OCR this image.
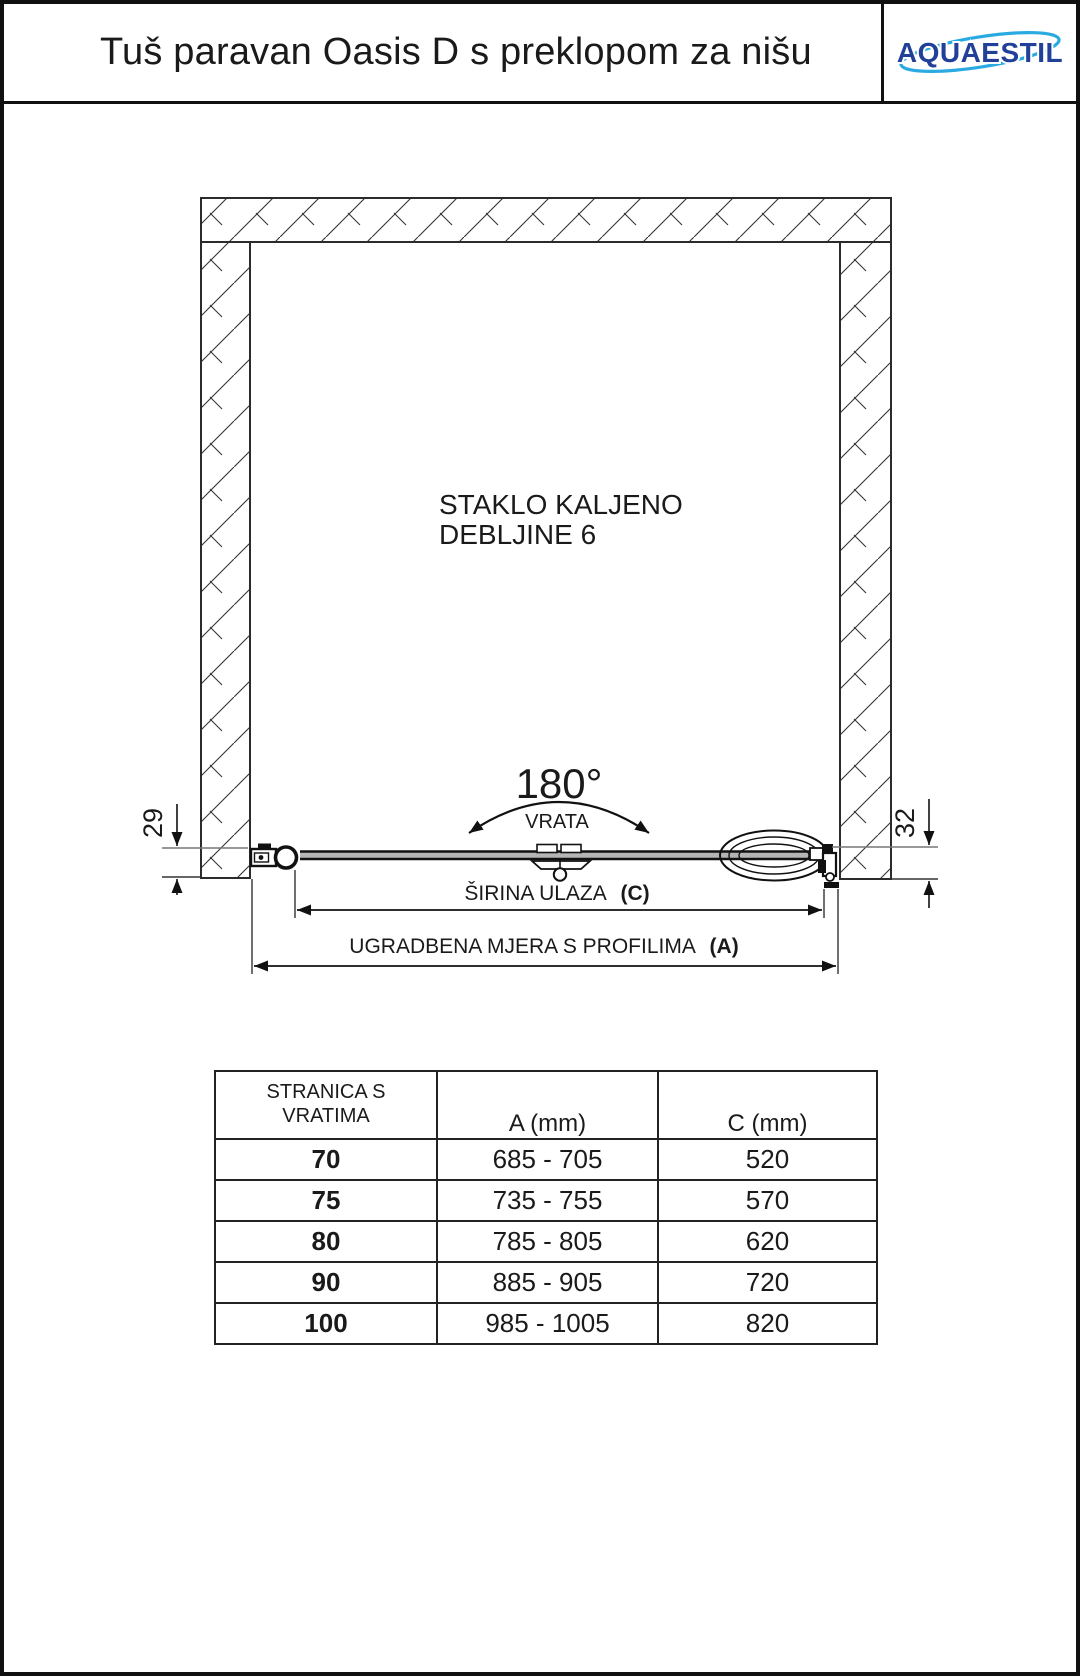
Tuš paravan Oasis D s preklopom za nišu	AQUAESTIL
STAKLO KALJENO
DEBLJINE 6
180°
VRATA
29	32
ŠIRINA ULAZA (C)
UGRADBENA MJERA S PROFILIMA (A)
STRANICA S
VRATIMA	A (mm)	C (mm)
70	685 - 705	520
75	735 - 755	570
80	785 - 805	620
90	885 - 905	720
100	985 - 1005	820
